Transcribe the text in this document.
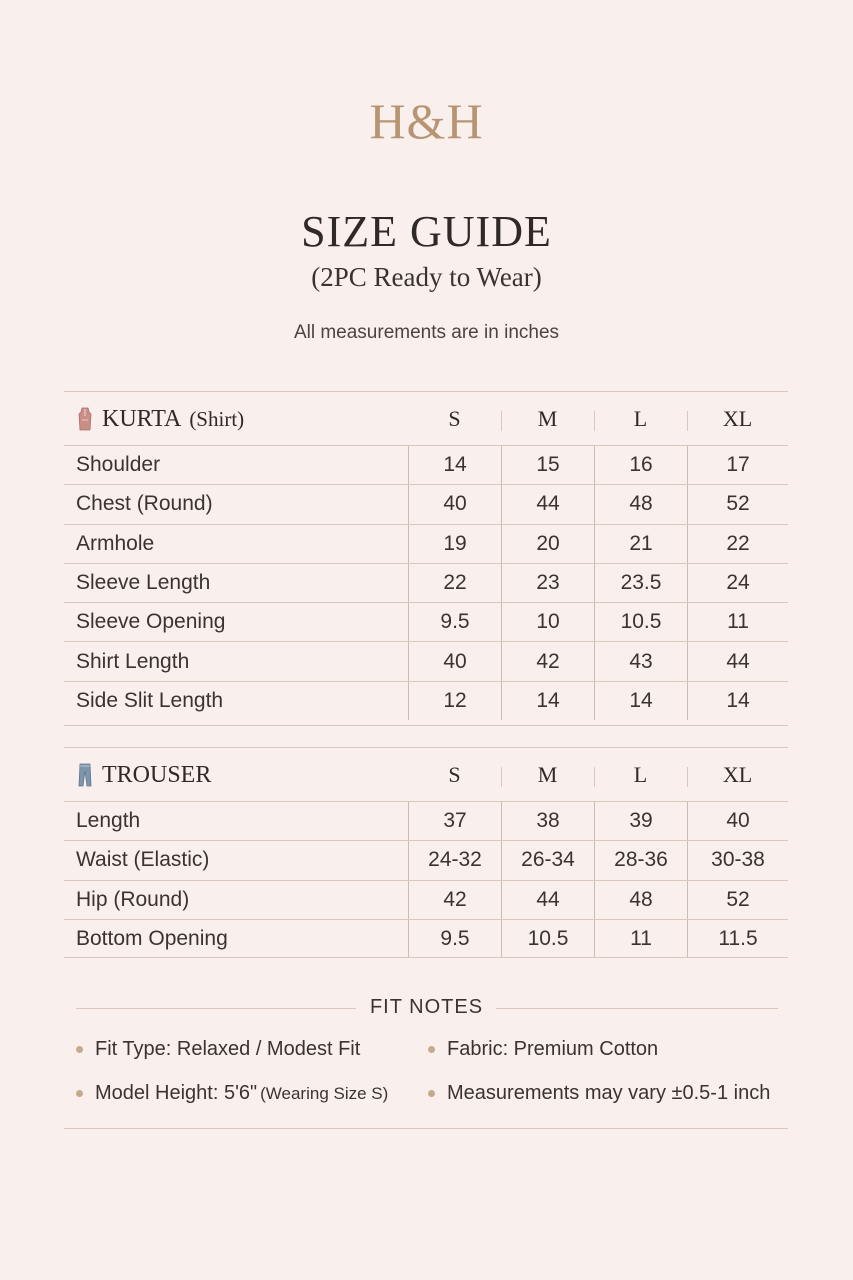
H&H
SIZE GUIDE
(2PC Ready to Wear)
All measurements are in inches
KURTA (Shirt)	S	M	L	XL
Shoulder	14	15	16	17
Chest (Round)	40	44	48	52
Armhole	19	20	21	22
Sleeve Length	22	23	23.5	24
Sleeve Opening	9.5	10	10.5	11
Shirt Length	40	42	43	44
Side Slit Length	12	14	14	14
TROUSER	S	M	L	XL
Length	37	38	39	40
Waist (Elastic)	24-32	26-34	28-36	30-38
Hip (Round)	42	44	48	52
Bottom Opening	9.5	10.5	11	11.5
FIT NOTES
Fit Type: Relaxed / Modest Fit	Fabric: Premium Cotton
Model Height: 5'6" (Wearing Size S)	Measurements may vary ±0.5-1 inch
